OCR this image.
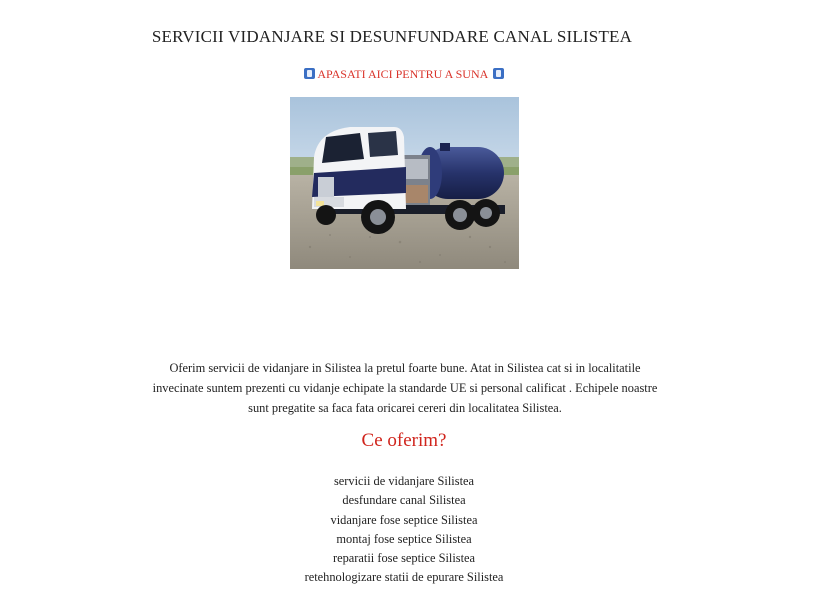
SERVICII VIDANJARE SI DESUNFUNDARE CANAL SILISTEA
APASATI AICI PENTRU A SUNA

Oferim servicii de vidanjare in Silistea la pretul foarte bune. Atat in Silistea cat si in localitatile invecinate suntem prezenti cu vidanje echipate la standarde UE si personal calificat . Echipele noastre sunt pregatite sa faca fata oricarei cereri din localitatea Silistea.

Ce oferim?
servicii de vidanjare Silistea
desfundare canal Silistea
vidanjare fose septice Silistea
montaj fose septice Silistea
reparatii fose septice Silistea
retehnologizare statii de epurare Silistea
